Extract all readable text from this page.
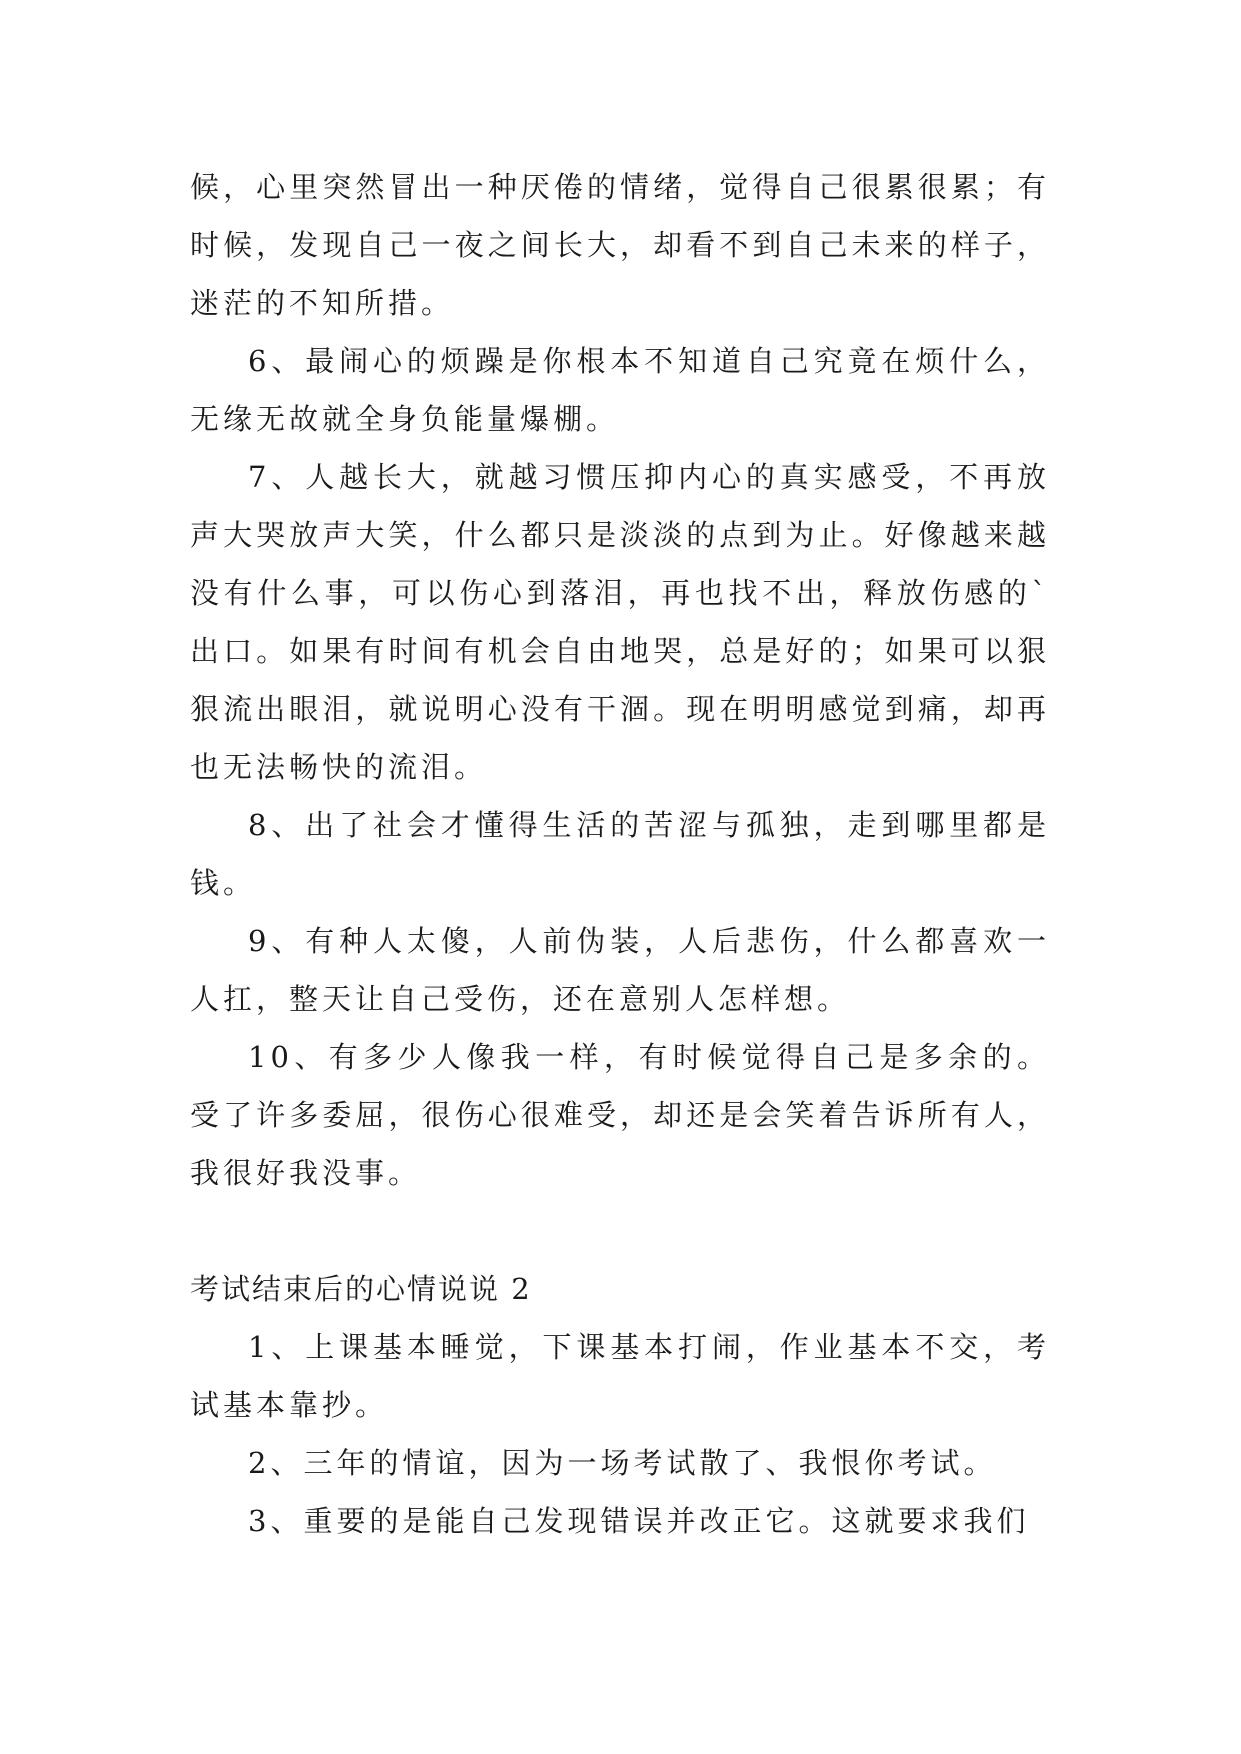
候，心里突然冒出一种厌倦的情绪，觉得自己很累很累；有时候，发现自己一夜之间长大，却看不到自己未来的样子，迷茫的不知所措。

6、最闹心的烦躁是你根本不知道自己究竟在烦什么，无缘无故就全身负能量爆棚。

7、人越长大，就越习惯压抑内心的真实感受，不再放声大哭放声大笑，什么都只是淡淡的点到为止。好像越来越没有什么事，可以伤心到落泪，再也找不出，释放伤感的`出口。如果有时间有机会自由地哭，总是好的；如果可以狠狠流出眼泪，就说明心没有干涸。现在明明感觉到痛，却再也无法畅快的流泪。

8、出了社会才懂得生活的苦涩与孤独，走到哪里都是钱。

9、有种人太傻，人前伪装，人后悲伤，什么都喜欢一人扛，整天让自己受伤，还在意别人怎样想。

10、有多少人像我一样，有时候觉得自己是多余的。受了许多委屈，很伤心很难受，却还是会笑着告诉所有人，我很好我没事。

考试结束后的心情说说 2

1、上课基本睡觉，下课基本打闹，作业基本不交，考试基本靠抄。

2、三年的情谊，因为一场考试散了、我恨你考试。

3、重要的是能自己发现错误并改正它。这就要求我们
